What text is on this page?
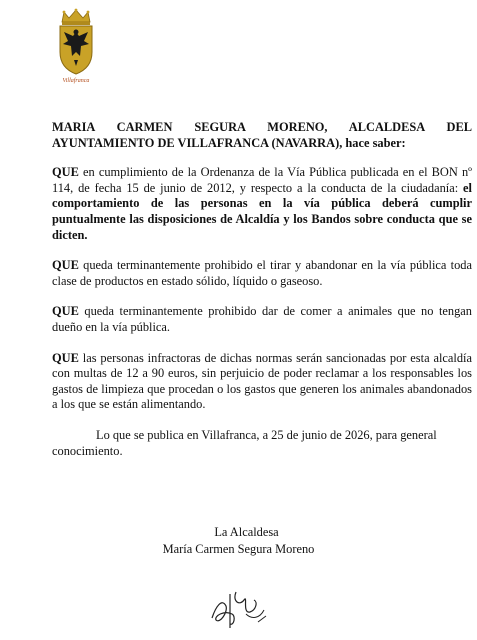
Villafranca

MARIA CARMEN SEGURA MORENO, ALCALDESA DEL AYUNTAMIENTO DE VILLAFRANCA (NAVARRA), hace saber:

QUE en cumplimiento de la Ordenanza de la Vía Pública publicada en el BON nº 114, de fecha 15 de junio de 2012, y respecto a la conducta de la ciudadanía: el comportamiento de las personas en la vía pública deberá cumplir puntualmente las disposiciones de Alcaldía y los Bandos sobre conducta que se dicten.

QUE queda terminantemente prohibido el tirar y abandonar en la vía pública toda clase de productos en estado sólido, líquido o gaseoso.

QUE queda terminantemente prohibido dar de comer a animales que no tengan dueño en la vía pública.

QUE las personas infractoras de dichas normas serán sancionadas por esta alcaldía con multas de 12 a 90 euros, sin perjuicio de poder reclamar a los responsables los gastos de limpieza que procedan o los gastos que generen los animales abandonados a los que se están alimentando.

Lo que se publica en Villafranca, a 25 de junio de 2026, para general conocimiento.

La Alcaldesa
María Carmen Segura Moreno
